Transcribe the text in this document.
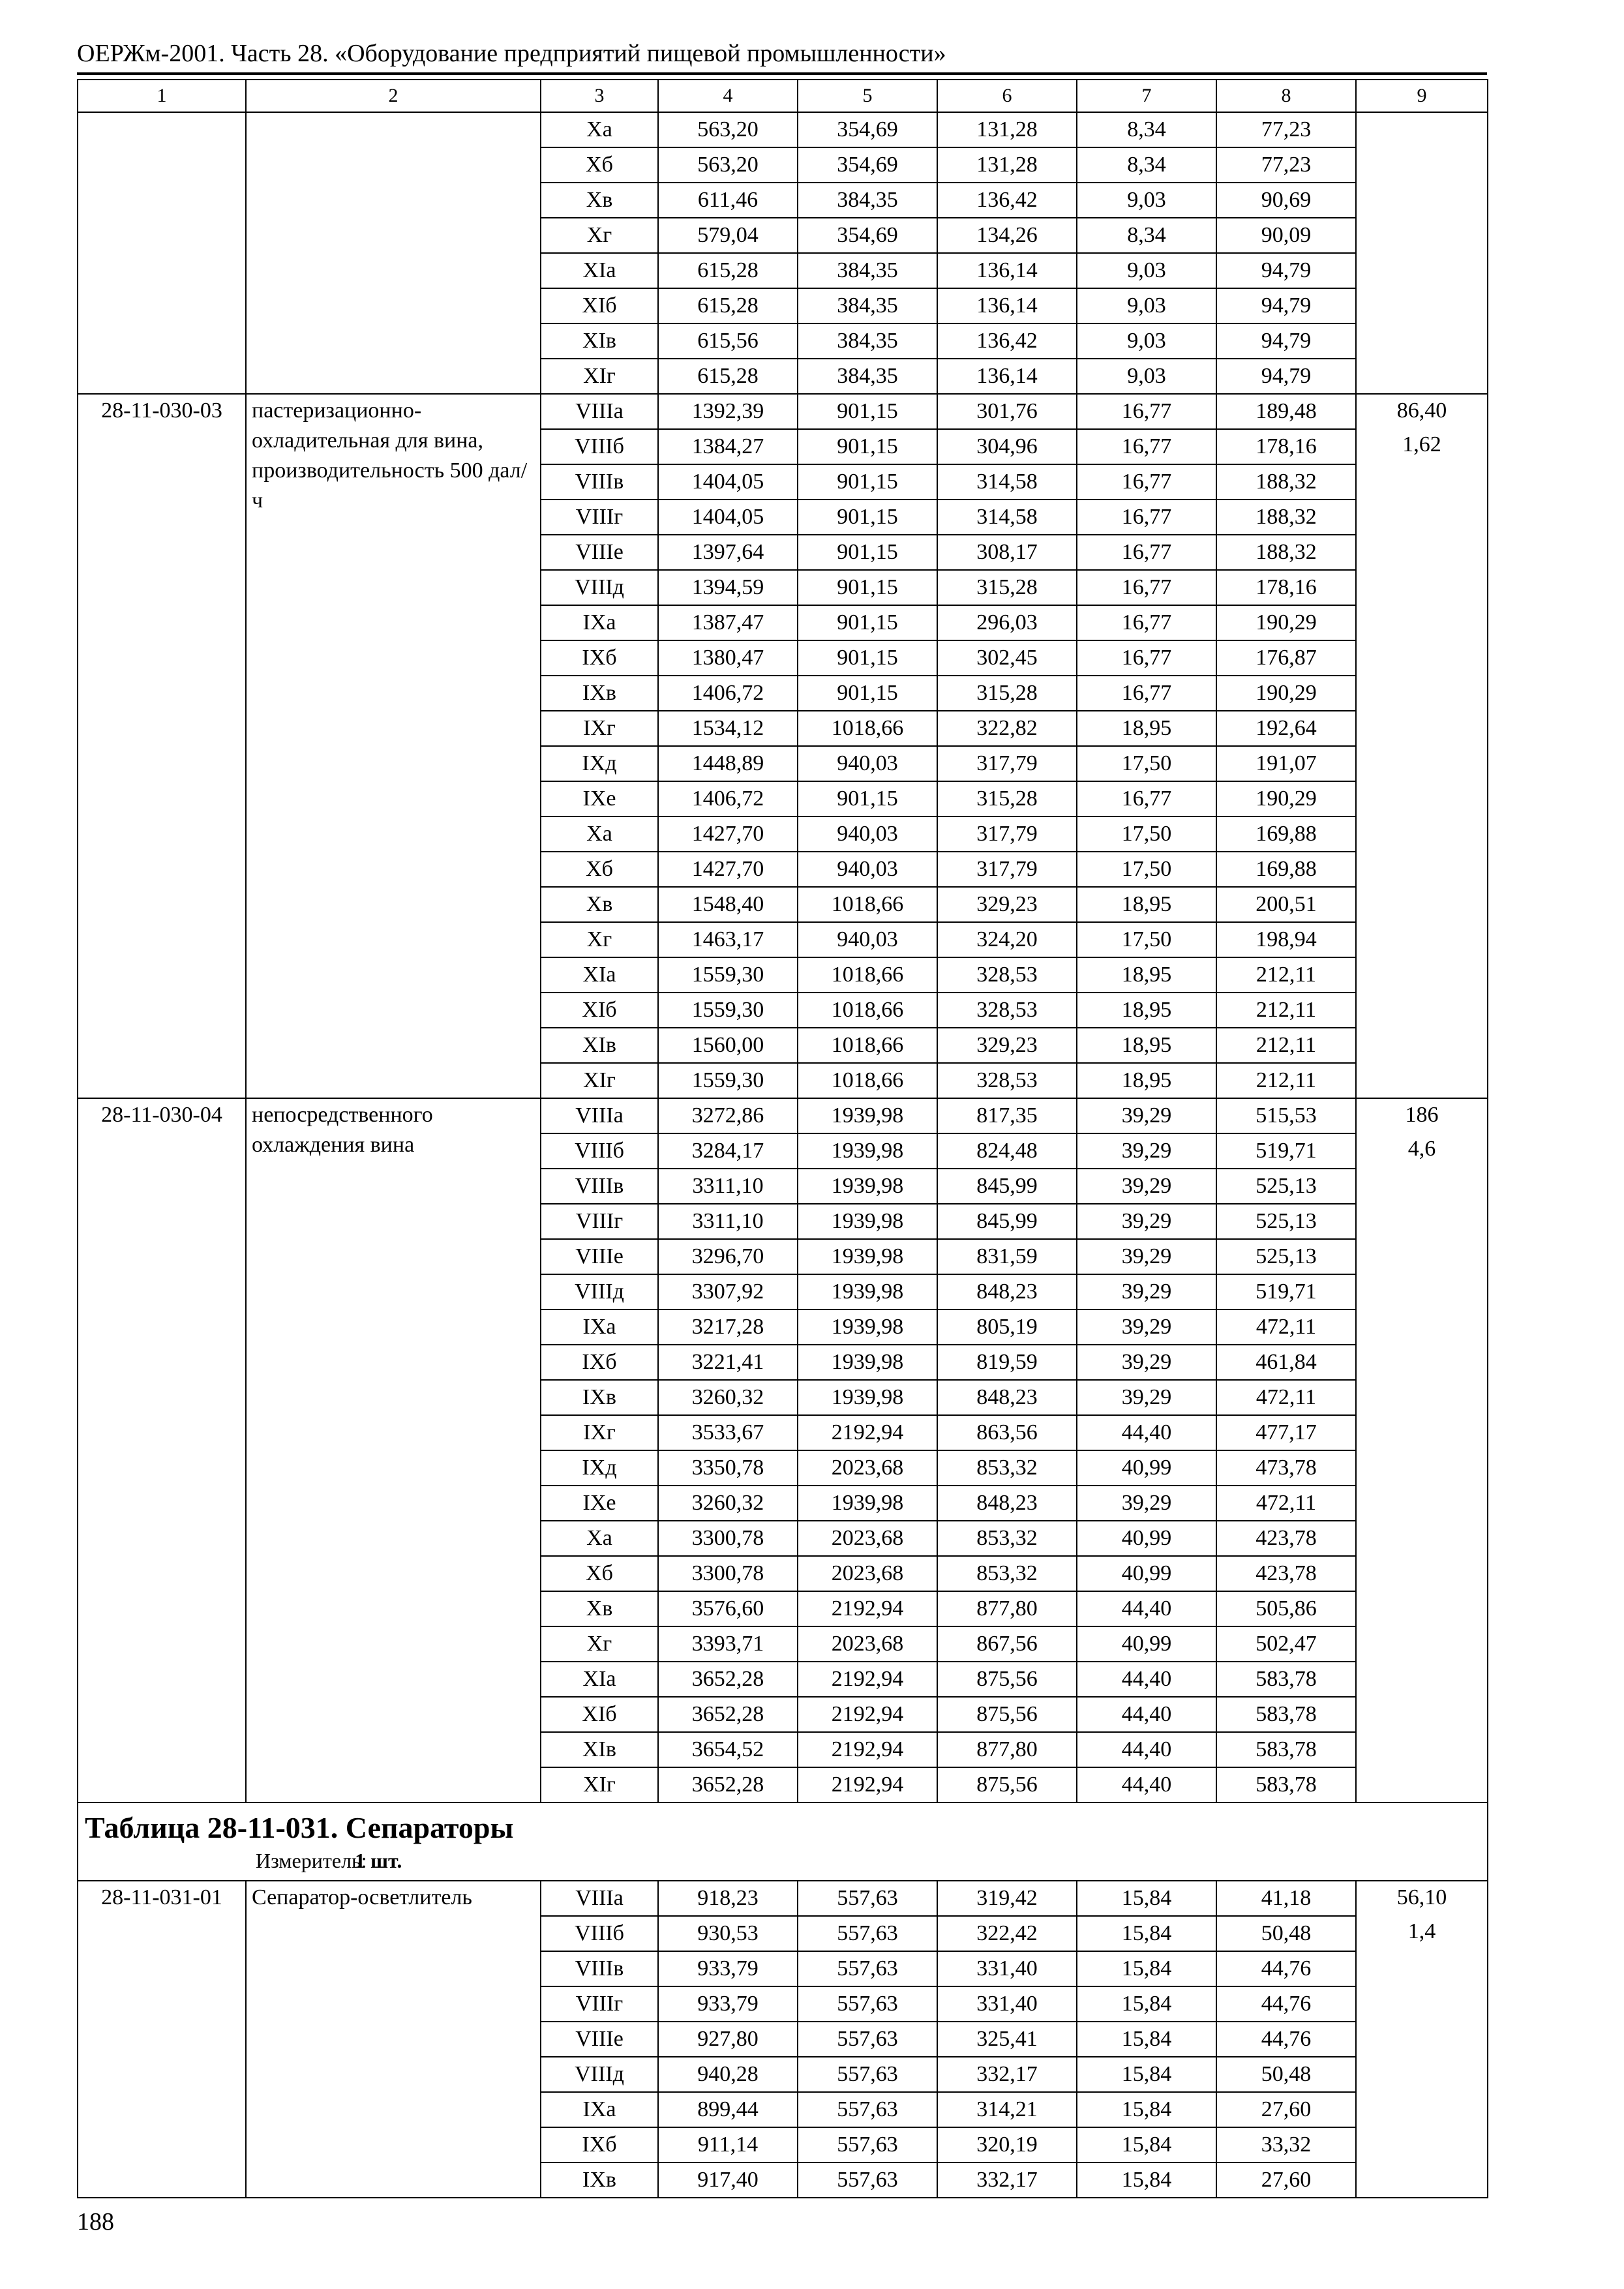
ОЕРЖм-2001. Часть 28. «Оборудование предприятий пищевой промышленности»
1	2	3	4	5	6	7	8	9
		Xа	563,20	354,69	131,28	8,34	77,23	
		Xб	563,20	354,69	131,28	8,34	77,23	
		Xв	611,46	384,35	136,42	9,03	90,69	
		Xг	579,04	354,69	134,26	8,34	90,09	
		XIа	615,28	384,35	136,14	9,03	94,79	
		XIб	615,28	384,35	136,14	9,03	94,79	
		XIв	615,56	384,35	136,42	9,03	94,79	
		XIг	615,28	384,35	136,14	9,03	94,79	
28-11-030-03	пастеризационно-охладительная для вина, производительность 500 дал/ч	VIIIа	1392,39	901,15	301,76	16,77	189,48	86,40
1,62

		VIIIб	1384,27	901,15	304,96	16,77	178,16	
		VIIIв	1404,05	901,15	314,58	16,77	188,32	
		VIIIг	1404,05	901,15	314,58	16,77	188,32	
		VIIIе	1397,64	901,15	308,17	16,77	188,32	
		VIIIд	1394,59	901,15	315,28	16,77	178,16	
		IXа	1387,47	901,15	296,03	16,77	190,29	
		IXб	1380,47	901,15	302,45	16,77	176,87	
		IXв	1406,72	901,15	315,28	16,77	190,29	
		IXг	1534,12	1018,66	322,82	18,95	192,64	
		IXд	1448,89	940,03	317,79	17,50	191,07	
		IXе	1406,72	901,15	315,28	16,77	190,29	
		Xа	1427,70	940,03	317,79	17,50	169,88	
		Xб	1427,70	940,03	317,79	17,50	169,88	
		Xв	1548,40	1018,66	329,23	18,95	200,51	
		Xг	1463,17	940,03	324,20	17,50	198,94	
		XIа	1559,30	1018,66	328,53	18,95	212,11	
		XIб	1559,30	1018,66	328,53	18,95	212,11	
		XIв	1560,00	1018,66	329,23	18,95	212,11	
		XIг	1559,30	1018,66	328,53	18,95	212,11	
28-11-030-04	непосредственного охлаждения вина	VIIIа	3272,86	1939,98	817,35	39,29	515,53	186
4,6

		VIIIб	3284,17	1939,98	824,48	39,29	519,71	
		VIIIв	3311,10	1939,98	845,99	39,29	525,13	
		VIIIг	3311,10	1939,98	845,99	39,29	525,13	
		VIIIе	3296,70	1939,98	831,59	39,29	525,13	
		VIIIд	3307,92	1939,98	848,23	39,29	519,71	
		IXа	3217,28	1939,98	805,19	39,29	472,11	
		IXб	3221,41	1939,98	819,59	39,29	461,84	
		IXв	3260,32	1939,98	848,23	39,29	472,11	
		IXг	3533,67	2192,94	863,56	44,40	477,17	
		IXд	3350,78	2023,68	853,32	40,99	473,78	
		IXе	3260,32	1939,98	848,23	39,29	472,11	
		Xа	3300,78	2023,68	853,32	40,99	423,78	
		Xб	3300,78	2023,68	853,32	40,99	423,78	
		Xв	3576,60	2192,94	877,80	44,40	505,86	
		Xг	3393,71	2023,68	867,56	40,99	502,47	
		XIа	3652,28	2192,94	875,56	44,40	583,78	
		XIб	3652,28	2192,94	875,56	44,40	583,78	
		XIв	3654,52	2192,94	877,80	44,40	583,78	
		XIг	3652,28	2192,94	875,56	44,40	583,78	

Таблица 28-11-031. Сепараторы
Измеритель:1 шт.								

28-11-031-01	Сепаратор-осветлитель	VIIIа	918,23	557,63	319,42	15,84	41,18	56,10
1,4

		VIIIб	930,53	557,63	322,42	15,84	50,48	
		VIIIв	933,79	557,63	331,40	15,84	44,76	
		VIIIг	933,79	557,63	331,40	15,84	44,76	
		VIIIе	927,80	557,63	325,41	15,84	44,76	
		VIIIд	940,28	557,63	332,17	15,84	50,48	
		IXа	899,44	557,63	314,21	15,84	27,60	
		IXб	911,14	557,63	320,19	15,84	33,32	
		IXв	917,40	557,63	332,17	15,84	27,60	
188
